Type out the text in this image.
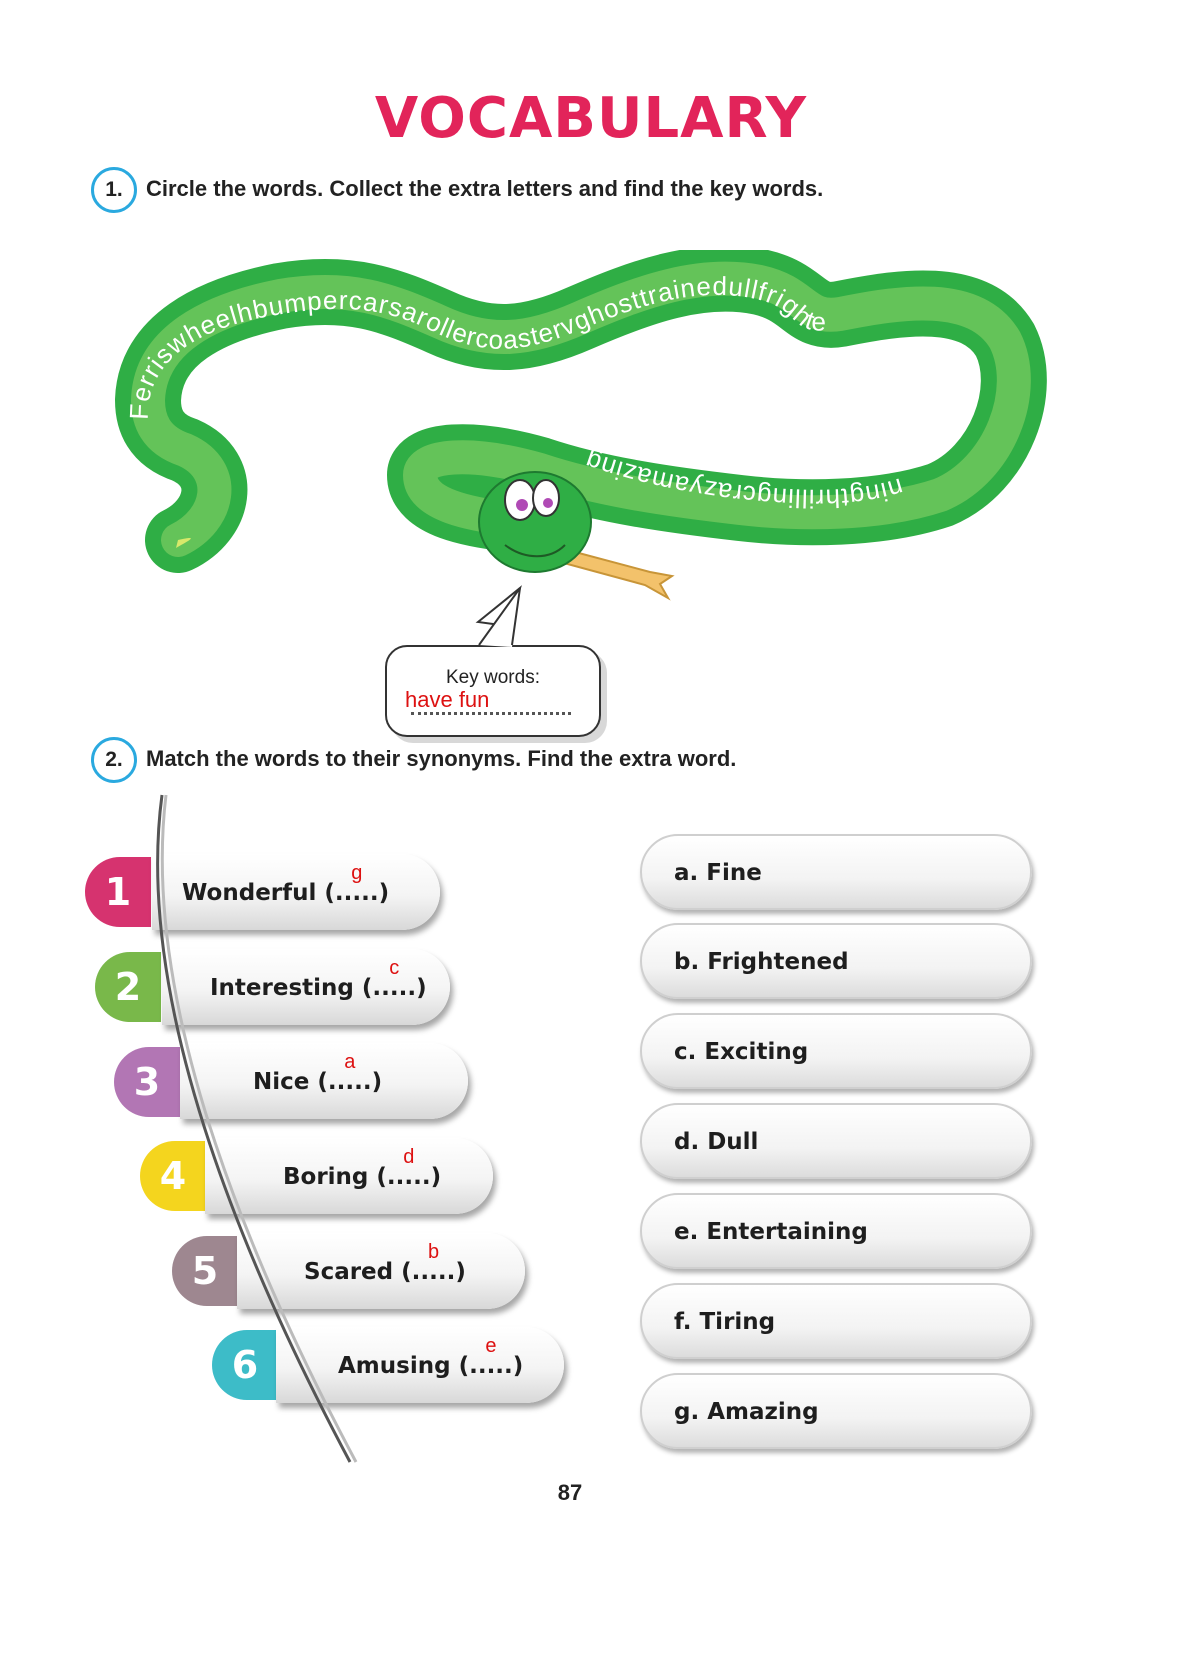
VOCABULARY
1.	Circle the words. Collect the extra letters and find the key words.
Ferriswheelhbumpercarsarollercoastervghosttrainedullfrighte
ningthrillingcrazyamazing
Key words:
have fun
2.	Match the words to their synonyms. Find the extra word.
1	Wonderful (.....)
g
2	Interesting (.....)
c
3	Nice (.....)
a
4	Boring (.....)
d
5	Scared (.....)
b
6	Amusing (.....)
e
a. Fine
b. Frightened
c. Exciting
d. Dull
e. Entertaining
f. Tiring
g. Amazing
87
